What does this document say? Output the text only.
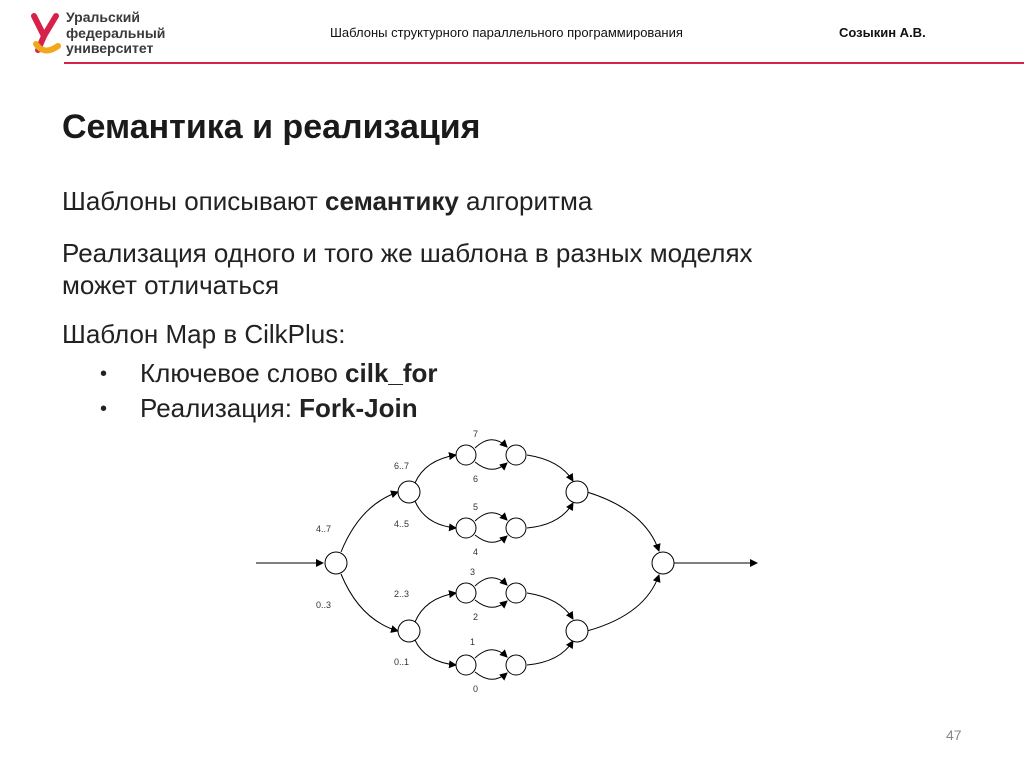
Уральский
федеральный
университет
Шаблоны структурного параллельного программирования	Созыкин А.В.
Семантика и реализация

Шаблоны описывают семантику алгоритма

Реализация одного и того же шаблона в разных моделях
может отличаться

Шаблон Map в CilkPlus:

• Ключевое слово cilk_for
• Реализация: Fork-Join
4..7
0..3
6..7
4..5
2..3
0..1
7
6
5
4
3
2
1
0
47
